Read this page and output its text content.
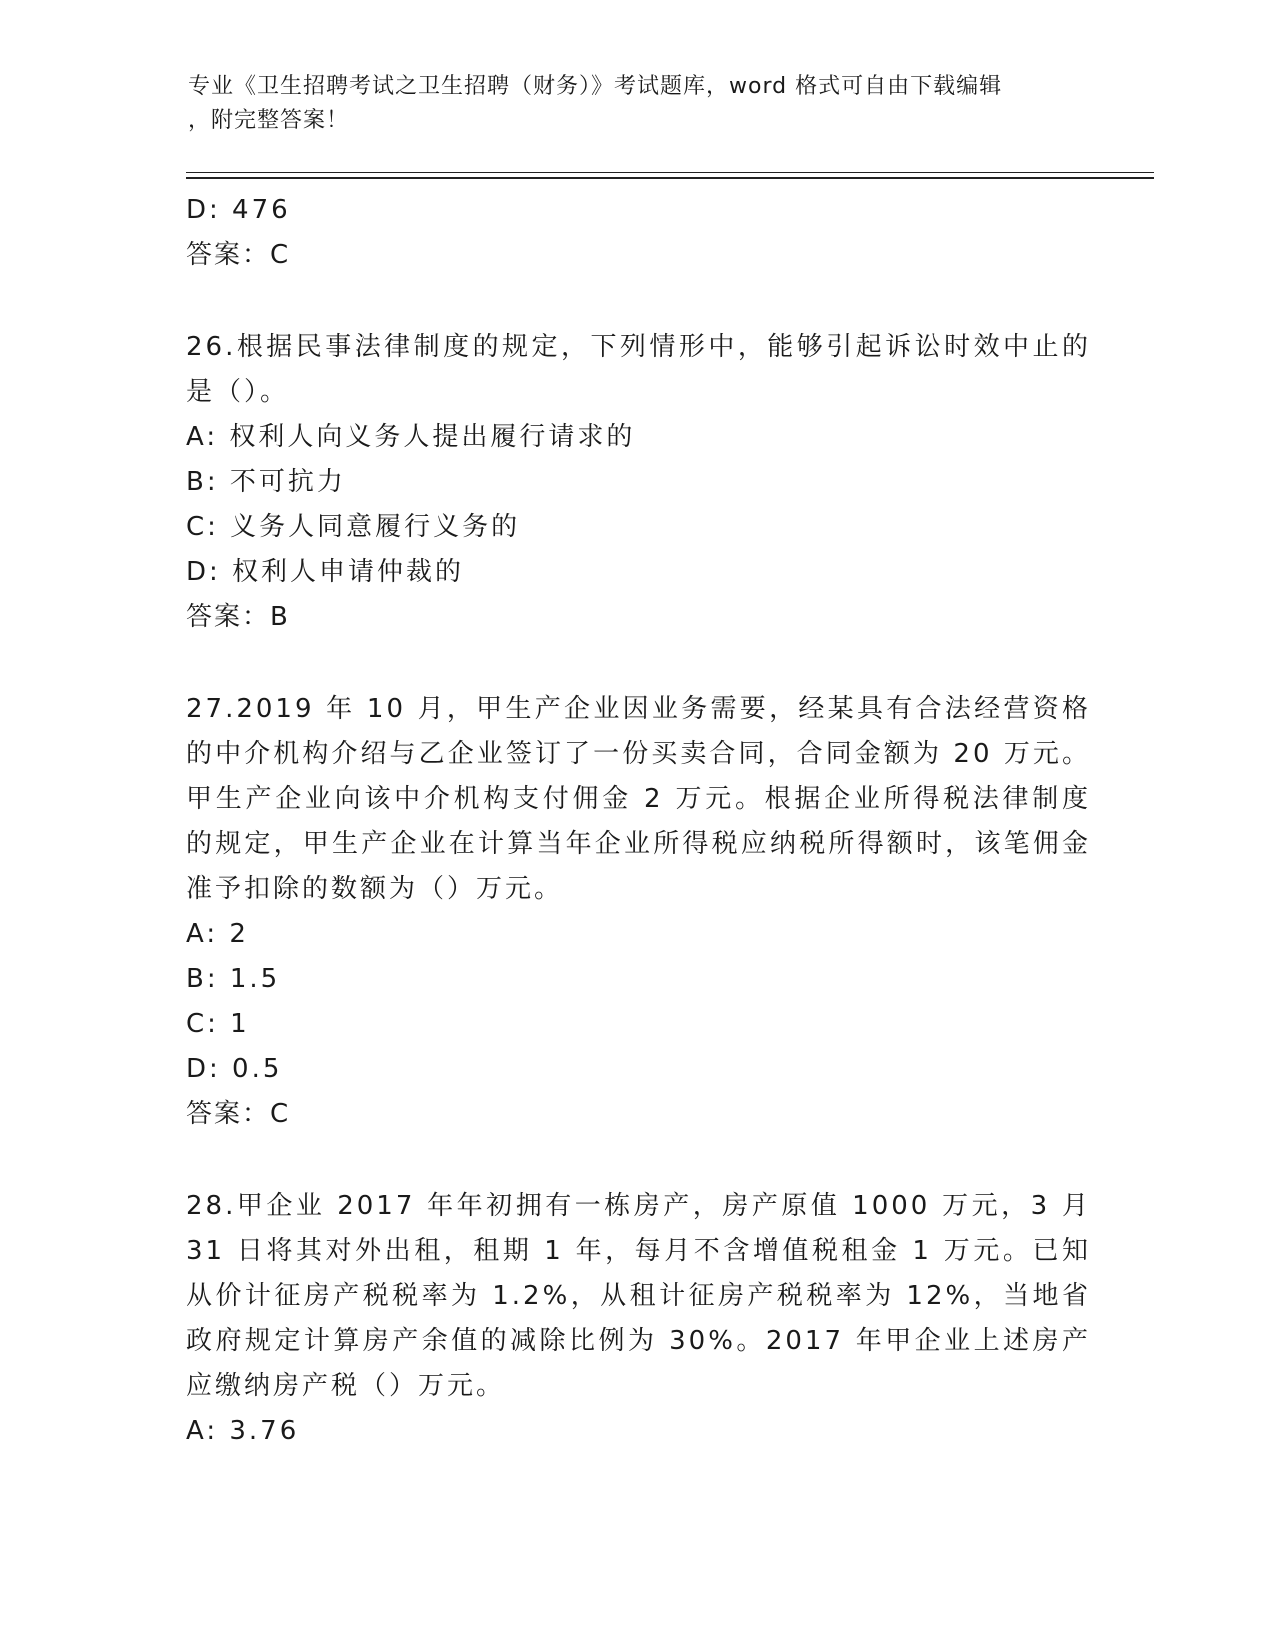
专业《卫生招聘考试之卫生招聘（财务）》考试题库，word 格式可自由下载编辑

，附完整答案！

D: 476

答案：C

26.根据民事法律制度的规定，下列情形中，能够引起诉讼时效中止的是（）。

A: 权利人向义务人提出履行请求的

B: 不可抗力

C: 义务人同意履行义务的

D: 权利人申请仲裁的

答案：B

27.2019 年 10 月，甲生产企业因业务需要，经某具有合法经营资格的中介机构介绍与乙企业签订了一份买卖合同，合同金额为 20 万元。甲生产企业向该中介机构支付佣金 2 万元。根据企业所得税法律制度的规定，甲生产企业在计算当年企业所得税应纳税所得额时，该笔佣金准予扣除的数额为（）万元。

A: 2

B: 1.5

C: 1

D: 0.5

答案：C

28.甲企业 2017 年年初拥有一栋房产，房产原值 1000 万元，3 月 31 日将其对外出租，租期 1 年，每月不含增值税租金 1 万元。已知从价计征房产税税率为 1.2%，从租计征房产税税率为 12%，当地省政府规定计算房产余值的减除比例为 30%。2017 年甲企业上述房产应缴纳房产税（）万元。

A: 3.76
